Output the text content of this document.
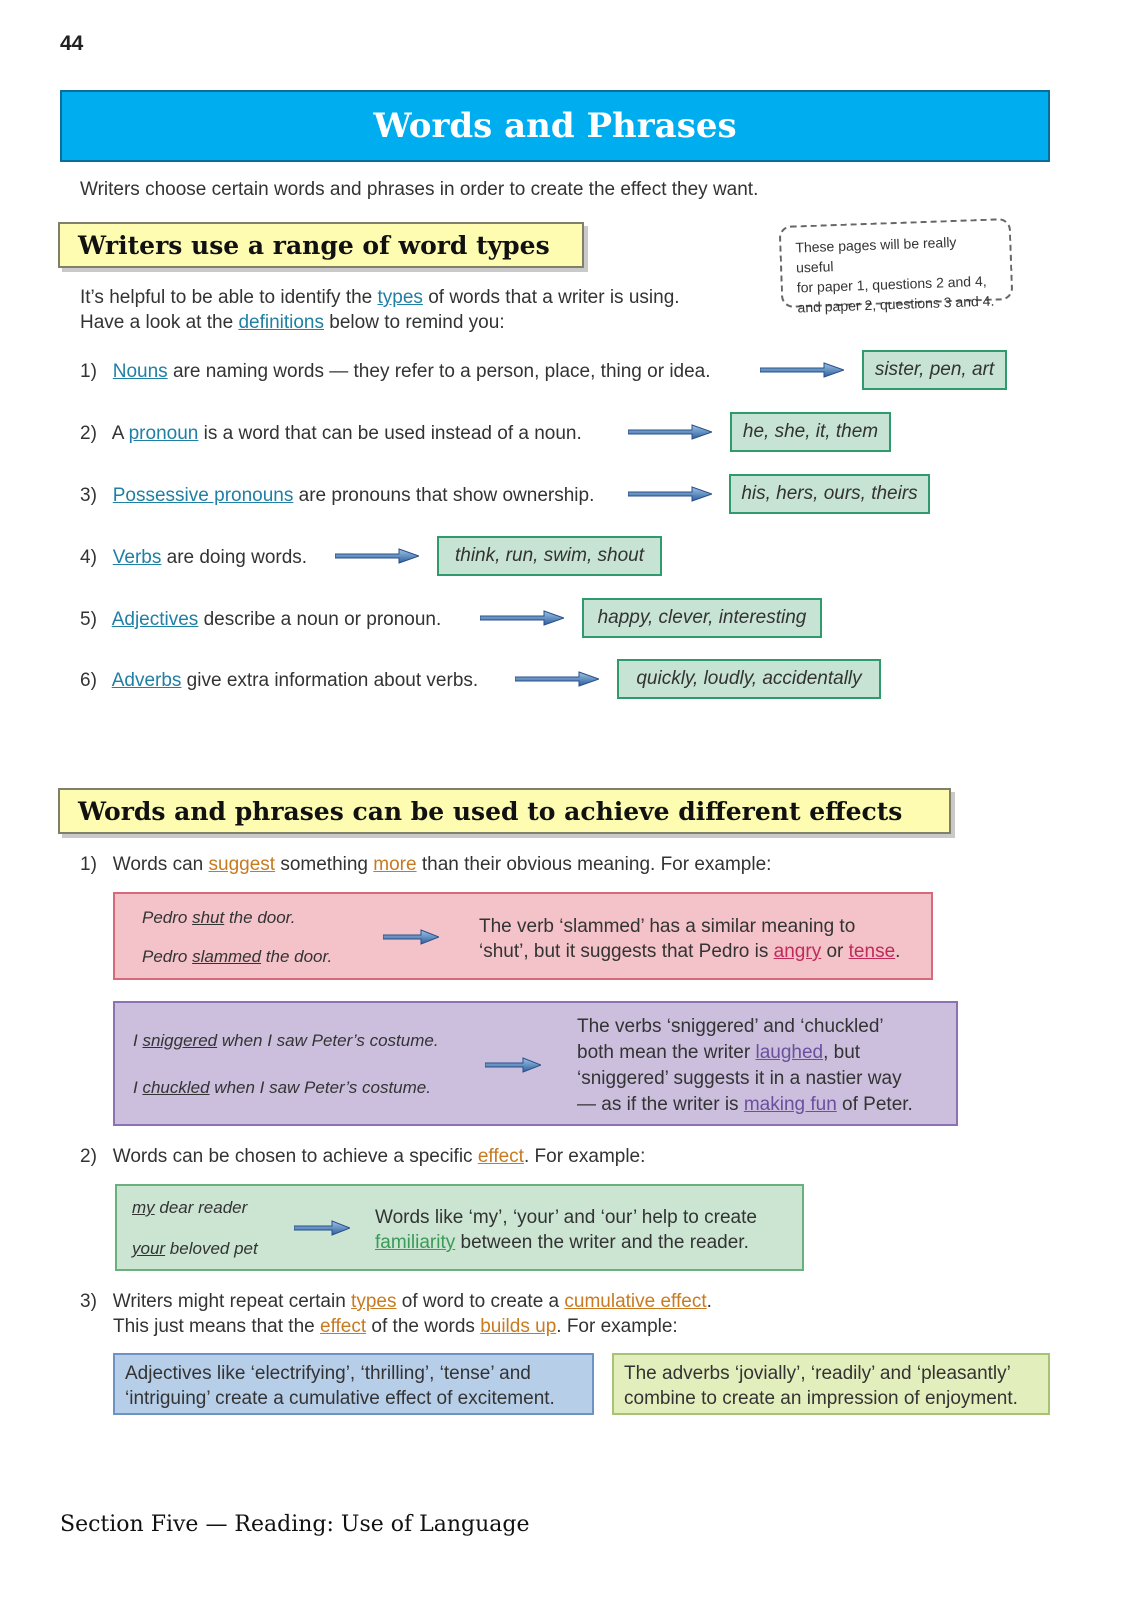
44
Words and Phrases
Writers choose certain words and phrases in order to create the effect they want.
Writers use a range of word types	These pages will be really useful
for paper 1, questions 2 and 4,
and paper 2, questions 3 and 4.
It’s helpful to be able to identify the types of words that a writer is using.
Have a look at the definitions below to remind you:
1) Nouns are naming words — they refer to a person, place, thing or idea.	sister, pen, art
2) A pronoun is a word that can be used instead of a noun.	he, she, it, them
3) Possessive pronouns are pronouns that show ownership.	his, hers, ours, theirs
4) Verbs are doing words.	think, run, swim, shout
5) Adjectives describe a noun or pronoun.	happy, clever, interesting
6) Adverbs give extra information about verbs.	quickly, loudly, accidentally
Words and phrases can be used to achieve different effects
1) Words can suggest something more than their obvious meaning. For example:
Pedro shut the door.
Pedro slammed the door.
The verb ‘slammed’ has a similar meaning to
‘shut’, but it suggests that Pedro is angry or tense.
I sniggered when I saw Peter’s costume.
I chuckled when I saw Peter’s costume.
The verbs ‘sniggered’ and ‘chuckled’
both mean the writer laughed, but
‘sniggered’ suggests it in a nastier way
— as if the writer is making fun of Peter.
2) Words can be chosen to achieve a specific effect. For example:
my dear reader
your beloved pet
Words like ‘my’, ‘your’ and ‘our’ help to create
familiarity between the writer and the reader.
3) Writers might repeat certain types of word to create a cumulative effect.
This just means that the effect of the words builds up. For example:
Adjectives like ‘electrifying’, ‘thrilling’, ‘tense’ and
‘intriguing’ create a cumulative effect of excitement.
The adverbs ‘jovially’, ‘readily’ and ‘pleasantly’
combine to create an impression of enjoyment.
Section Five — Reading: Use of Language
